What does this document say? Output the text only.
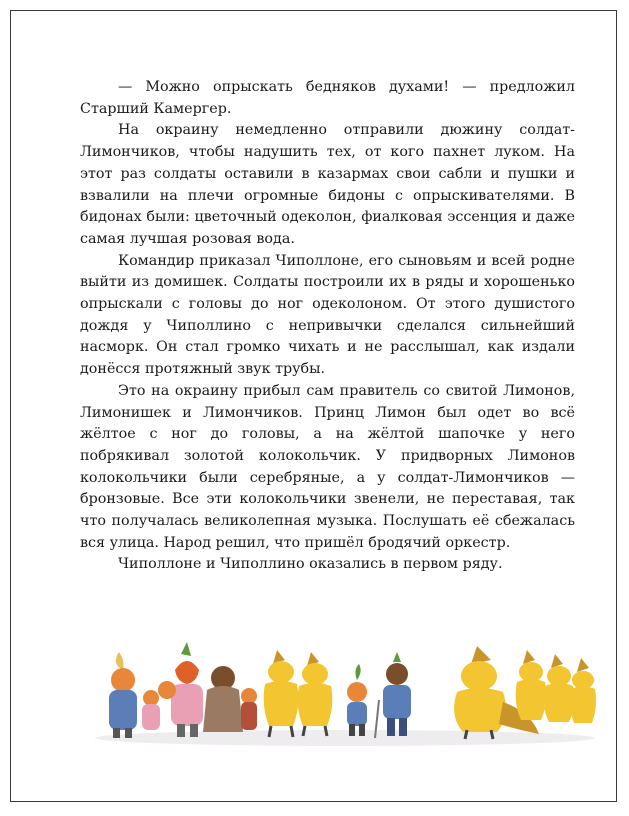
— Можно опрыскать бедняков духами! — предложил Старший Камергер.

На окраину немедленно отправили дюжину солдат-Лимончиков, чтобы надушить тех, от кого пахнет луком. На этот раз солдаты оставили в казармах свои сабли и пушки и взвалили на плечи огромные бидоны с опрыскивателями. В бидонах были: цветочный одеколон, фиалковая эссенция и даже самая лучшая розовая вода.

Командир приказал Чиполлоне, его сыновьям и всей родне выйти из домишек. Солдаты построили их в ряды и хорошенько опрыскали с головы до ног одеколоном. От этого душистого дождя у Чиполлино с непривычки сделался сильнейший насморк. Он стал громко чихать и не расслышал, как издали донёсся протяжный звук трубы.

Это на окраину прибыл сам правитель со свитой Лимонов, Лимонишек и Лимончиков. Принц Лимон был одет во всё жёлтое с ног до головы, а на жёлтой шапочке у него побрякивал золотой колокольчик. У придворных Лимонов колокольчики были серебряные, а у солдат-Лимончиков — бронзовые. Все эти колокольчики звенели, не переставая, так что получалась великолепная музыка. Послушать её сбежалась вся улица. Народ решил, что пришёл бродячий оркестр.

Чиполлоне и Чиполлино оказались в первом ряду.
